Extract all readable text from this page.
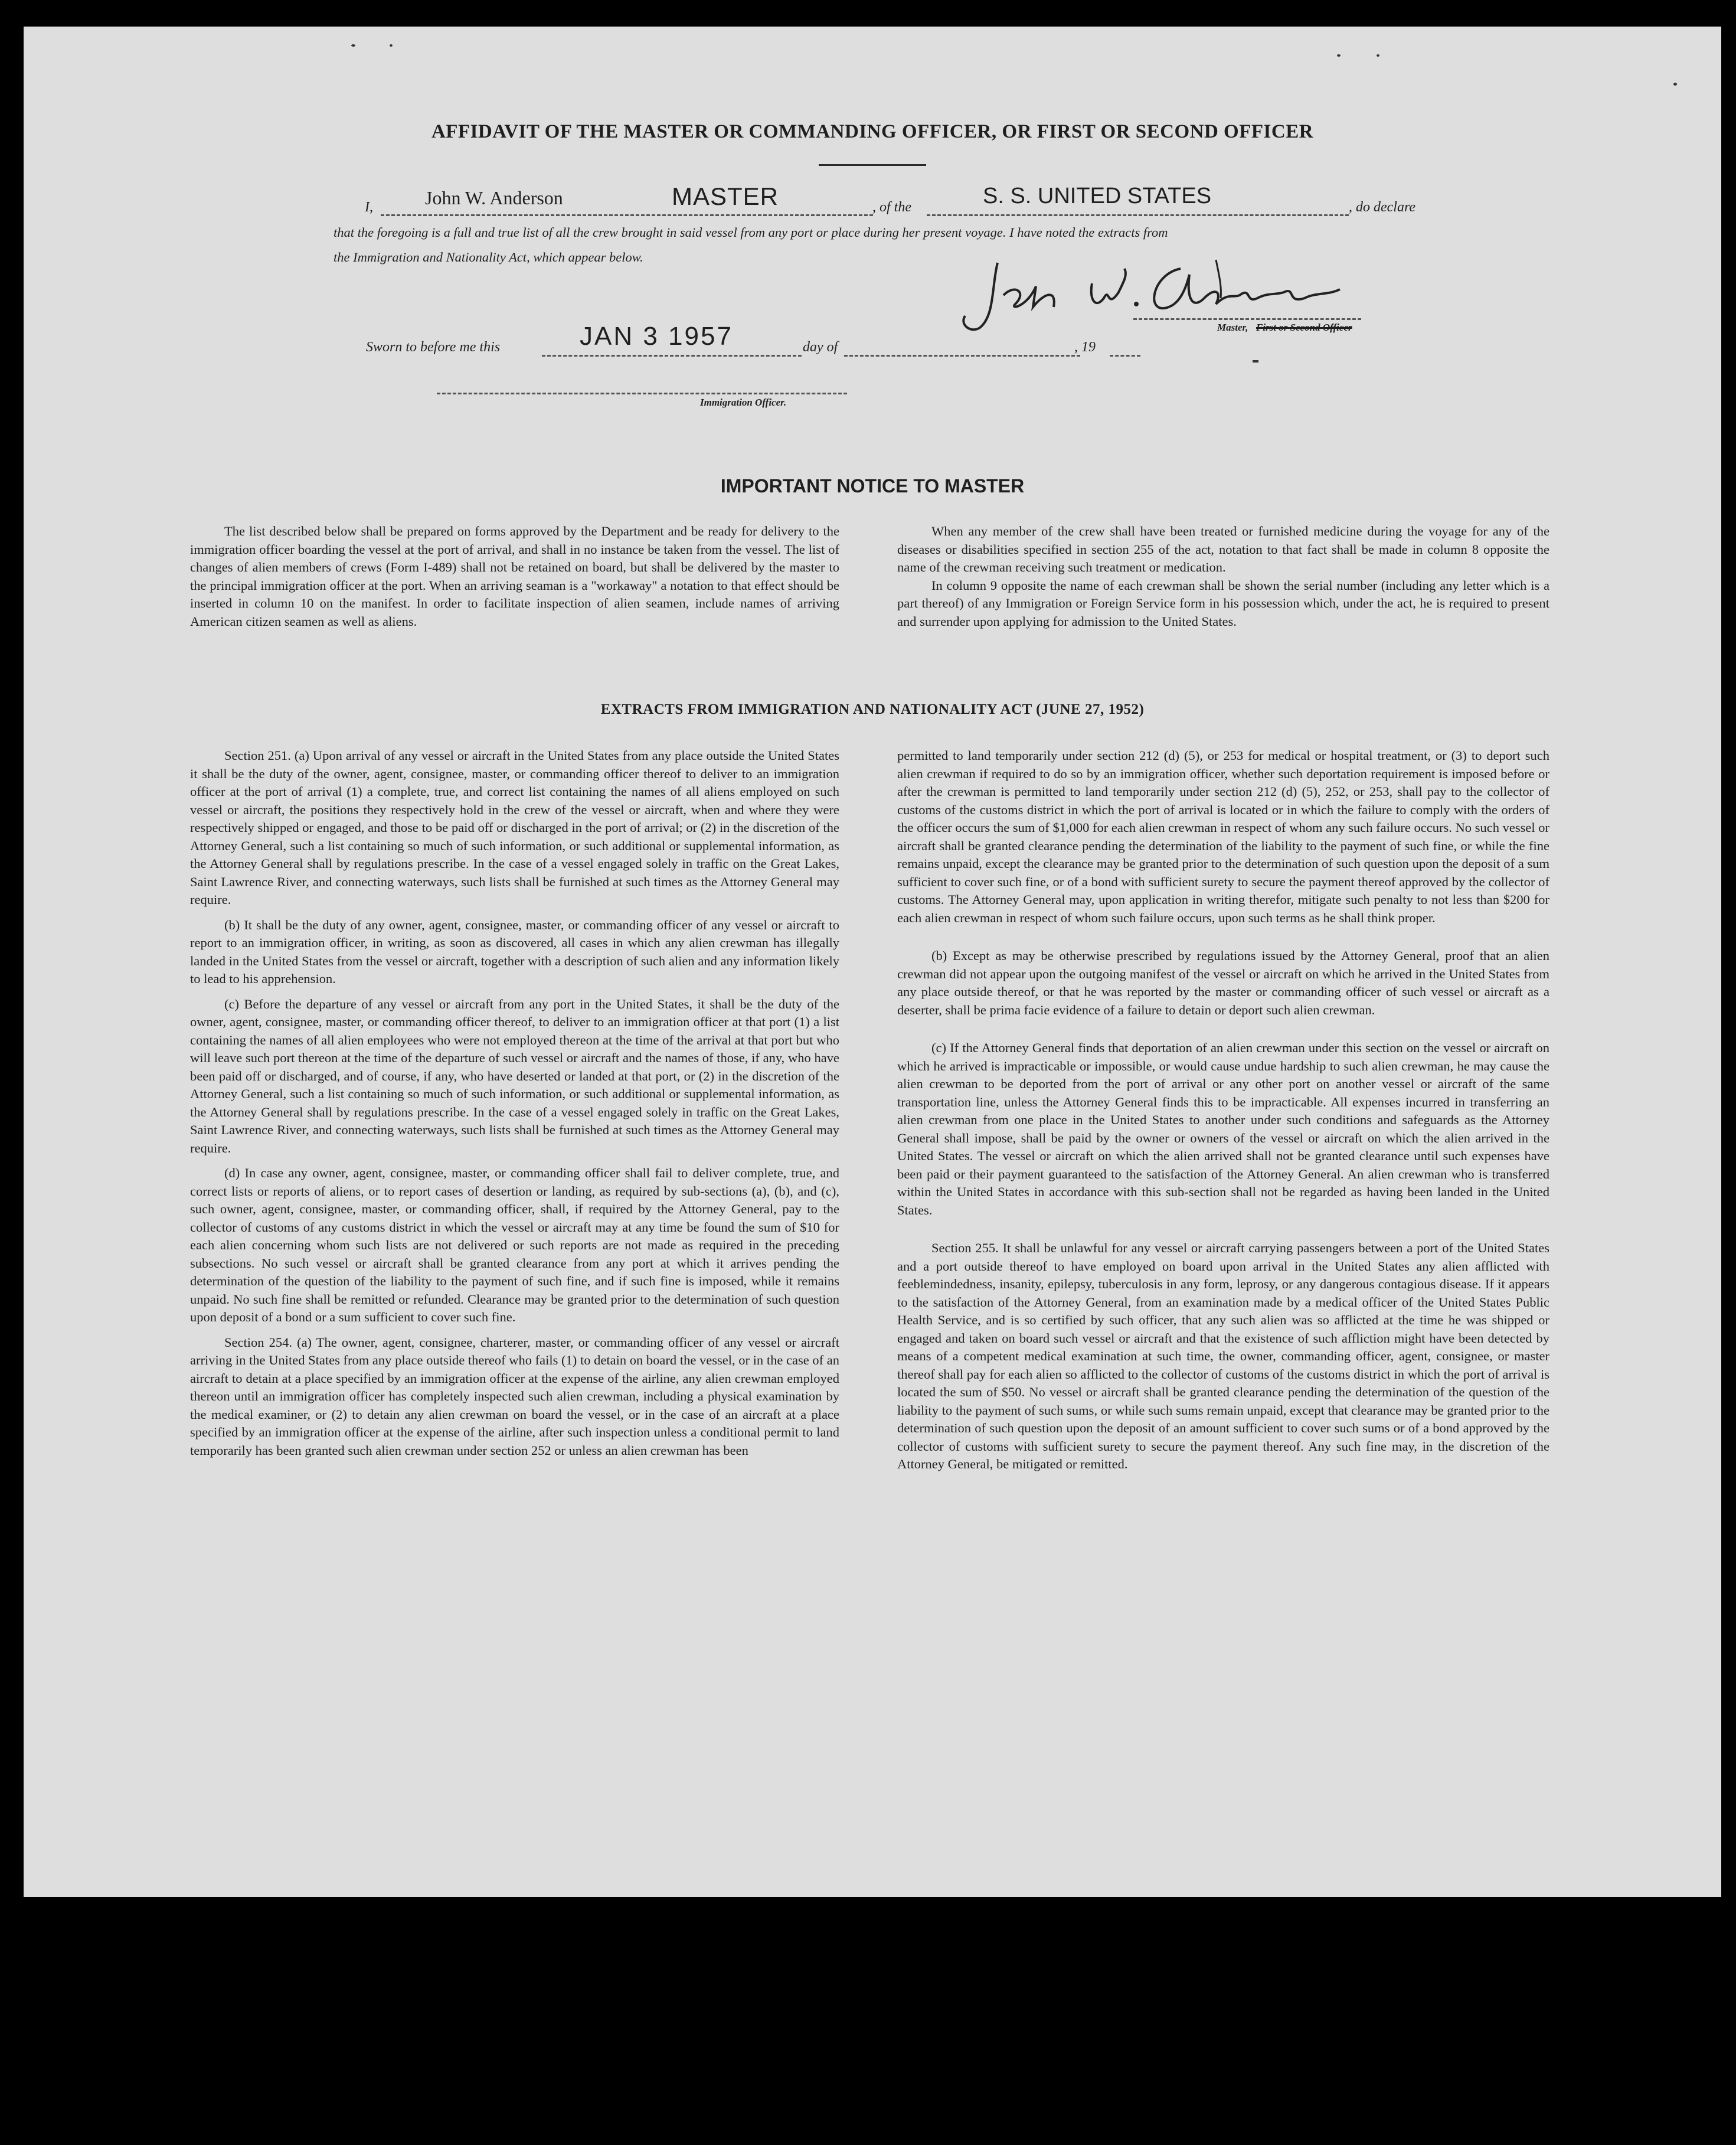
AFFIDAVIT OF THE MASTER OR COMMANDING OFFICER, OR FIRST OR SECOND OFFICER
I,	John W. Anderson	MASTER	, of the	S. S. UNITED STATES	, do declare
that the foregoing is a full and true list of all the crew brought in said vessel from any port or place during her present voyage. I have noted the extracts from
the Immigration and Nationality Act, which appear below.
Master, First or Second Officer
Sworn to before me this	JAN 3 1957	day of	, 19
Immigration Officer.
IMPORTANT NOTICE TO MASTER

The list described below shall be prepared on forms approved by the Department and be ready for delivery to the immigration officer boarding the vessel at the port of arrival, and shall in no instance be taken from the vessel. The list of changes of alien members of crews (Form I-489) shall not be retained on board, but shall be delivered by the master to the principal immigration officer at the port. When an arriving seaman is a "workaway" a notation to that effect should be inserted in column 10 on the manifest. In order to facilitate inspection of alien seamen, include names of arriving American citizen seamen as well as aliens.

When any member of the crew shall have been treated or furnished medicine during the voyage for any of the diseases or disabilities specified in section 255 of the act, notation to that fact shall be made in column 8 opposite the name of the crewman receiving such treatment or medication.

In column 9 opposite the name of each crewman shall be shown the serial number (including any letter which is a part thereof) of any Immigration or Foreign Service form in his possession which, under the act, he is required to present and surrender upon applying for admission to the United States.

EXTRACTS FROM IMMIGRATION AND NATIONALITY ACT (JUNE 27, 1952)

Section 251. (a) Upon arrival of any vessel or aircraft in the United States from any place outside the United States it shall be the duty of the owner, agent, consignee, master, or commanding officer thereof to deliver to an immigration officer at the port of arrival (1) a complete, true, and correct list containing the names of all aliens employed on such vessel or aircraft, the positions they respectively hold in the crew of the vessel or aircraft, when and where they were respectively shipped or engaged, and those to be paid off or discharged in the port of arrival; or (2) in the discretion of the Attorney General, such a list containing so much of such information, or such additional or supplemental information, as the Attorney General shall by regulations prescribe. In the case of a vessel engaged solely in traffic on the Great Lakes, Saint Lawrence River, and connecting waterways, such lists shall be furnished at such times as the Attorney General may require.

(b) It shall be the duty of any owner, agent, consignee, master, or commanding officer of any vessel or aircraft to report to an immigration officer, in writing, as soon as discovered, all cases in which any alien crewman has illegally landed in the United States from the vessel or aircraft, together with a description of such alien and any information likely to lead to his apprehension.

(c) Before the departure of any vessel or aircraft from any port in the United States, it shall be the duty of the owner, agent, consignee, master, or commanding officer thereof, to deliver to an immigration officer at that port (1) a list containing the names of all alien employees who were not employed thereon at the time of the arrival at that port but who will leave such port thereon at the time of the departure of such vessel or aircraft and the names of those, if any, who have been paid off or discharged, and of course, if any, who have deserted or landed at that port, or (2) in the discretion of the Attorney General, such a list containing so much of such information, or such additional or supplemental information, as the Attorney General shall by regulations prescribe. In the case of a vessel engaged solely in traffic on the Great Lakes, Saint Lawrence River, and connecting waterways, such lists shall be furnished at such times as the Attorney General may require.

(d) In case any owner, agent, consignee, master, or commanding officer shall fail to deliver complete, true, and correct lists or reports of aliens, or to report cases of desertion or landing, as required by sub-sections (a), (b), and (c), such owner, agent, consignee, master, or commanding officer, shall, if required by the Attorney General, pay to the collector of customs of any customs district in which the vessel or aircraft may at any time be found the sum of $10 for each alien concerning whom such lists are not delivered or such reports are not made as required in the preceding subsections. No such vessel or aircraft shall be granted clearance from any port at which it arrives pending the determination of the question of the liability to the payment of such fine, and if such fine is imposed, while it remains unpaid. No such fine shall be remitted or refunded. Clearance may be granted prior to the determination of such question upon deposit of a bond or a sum sufficient to cover such fine.

Section 254. (a) The owner, agent, consignee, charterer, master, or commanding officer of any vessel or aircraft arriving in the United States from any place outside thereof who fails (1) to detain on board the vessel, or in the case of an aircraft to detain at a place specified by an immigration officer at the expense of the airline, any alien crewman employed thereon until an immigration officer has completely inspected such alien crewman, including a physical examination by the medical examiner, or (2) to detain any alien crewman on board the vessel, or in the case of an aircraft at a place specified by an immigration officer at the expense of the airline, after such inspection unless a conditional permit to land temporarily has been granted such alien crewman under section 252 or unless an alien crewman has been

permitted to land temporarily under section 212 (d) (5), or 253 for medical or hospital treatment, or (3) to deport such alien crewman if required to do so by an immigration officer, whether such deportation requirement is imposed before or after the crewman is permitted to land temporarily under section 212 (d) (5), 252, or 253, shall pay to the collector of customs of the customs district in which the port of arrival is located or in which the failure to comply with the orders of the officer occurs the sum of $1,000 for each alien crewman in respect of whom any such failure occurs. No such vessel or aircraft shall be granted clearance pending the determination of the liability to the payment of such fine, or while the fine remains unpaid, except the clearance may be granted prior to the determination of such question upon the deposit of a sum sufficient to cover such fine, or of a bond with sufficient surety to secure the payment thereof approved by the collector of customs. The Attorney General may, upon application in writing therefor, mitigate such penalty to not less than $200 for each alien crewman in respect of whom such failure occurs, upon such terms as he shall think proper.

(b) Except as may be otherwise prescribed by regulations issued by the Attorney General, proof that an alien crewman did not appear upon the outgoing manifest of the vessel or aircraft on which he arrived in the United States from any place outside thereof, or that he was reported by the master or commanding officer of such vessel or aircraft as a deserter, shall be prima facie evidence of a failure to detain or deport such alien crewman.

(c) If the Attorney General finds that deportation of an alien crewman under this section on the vessel or aircraft on which he arrived is impracticable or impossible, or would cause undue hardship to such alien crewman, he may cause the alien crewman to be deported from the port of arrival or any other port on another vessel or aircraft of the same transportation line, unless the Attorney General finds this to be impracticable. All expenses incurred in transferring an alien crewman from one place in the United States to another under such conditions and safeguards as the Attorney General shall impose, shall be paid by the owner or owners of the vessel or aircraft on which the alien arrived in the United States. The vessel or aircraft on which the alien arrived shall not be granted clearance until such expenses have been paid or their payment guaranteed to the satisfaction of the Attorney General. An alien crewman who is transferred within the United States in accordance with this sub-section shall not be regarded as having been landed in the United States.

Section 255. It shall be unlawful for any vessel or aircraft carrying passengers between a port of the United States and a port outside thereof to have employed on board upon arrival in the United States any alien afflicted with feeblemindedness, insanity, epilepsy, tuberculosis in any form, leprosy, or any dangerous contagious disease. If it appears to the satisfaction of the Attorney General, from an examination made by a medical officer of the United States Public Health Service, and is so certified by such officer, that any such alien was so afflicted at the time he was shipped or engaged and taken on board such vessel or aircraft and that the existence of such affliction might have been detected by means of a competent medical examination at such time, the owner, commanding officer, agent, consignee, or master thereof shall pay for each alien so afflicted to the collector of customs of the customs district in which the port of arrival is located the sum of $50. No vessel or aircraft shall be granted clearance pending the determination of the question of the liability to the payment of such sums, or while such sums remain unpaid, except that clearance may be granted prior to the determination of such question upon the deposit of an amount sufficient to cover such sums or of a bond approved by the collector of customs with sufficient surety to secure the payment thereof. Any such fine may, in the discretion of the Attorney General, be mitigated or remitted.
